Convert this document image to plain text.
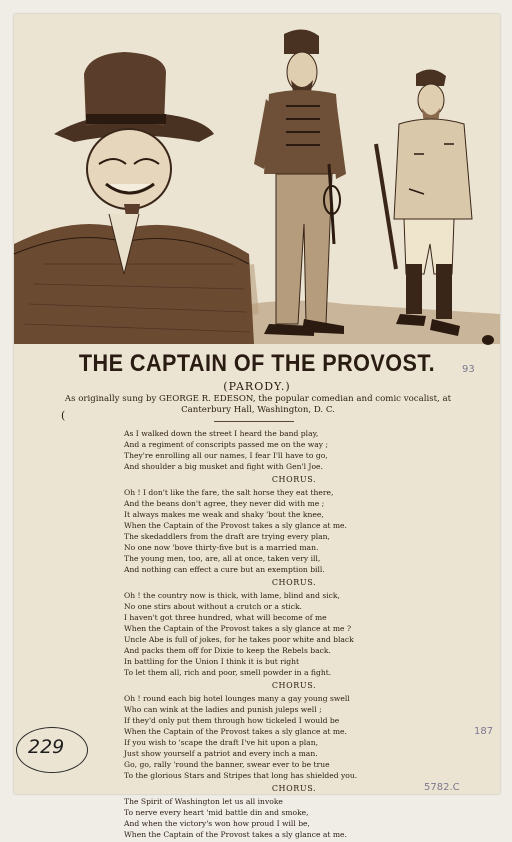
THE CAPTAIN OF THE PROVOST.
(PARODY.)
(
As originally sung by GEORGE R. EDESON, the popular comedian and comic vocalist, at
Canterbury Hall, Washington, D. C.
As I walked down the street I heard the band play,
And a regiment of conscripts passed me on the way ;
They're enrolling all our names, I fear I'll have to go,
And shoulder a big musket and fight with Gen'l Joe.
CHORUS.
Oh ! I don't like the fare, the salt horse they eat there,
And the beans don't agree, they never did with me ;
It always makes me weak and shaky 'bout the knee,
When the Captain of the Provost takes a sly glance at me.
The skedaddlers from the draft are trying every plan,
No one now 'bove thirty-five but is a married man.
The young men, too, are, all at once, taken very ill,
And nothing can effect a cure but an exemption bill.
CHORUS.
Oh ! the country now is thick, with lame, blind and sick,
No one stirs about without a crutch or a stick.
I haven't got three hundred, what will become of me
When the Captain of the Provost takes a sly glance at me ?
Uncle Abe is full of jokes, for he takes poor white and black
And packs them off for Dixie to keep the Rebels back.
In battling for the Union I think it is but right
To let them all, rich and poor, smell powder in a fight.
CHORUS.
Oh ! round each big hotel lounges many a gay young swell
Who can wink at the ladies and punish juleps well ;
If they'd only put them through how tickeled I would be
When the Captain of the Provost takes a sly glance at me.
If you wish to 'scape the draft I've hit upon a plan,
Just show yourself a patriot and every inch a man.
Go, go, rally 'round the banner, swear ever to be true
To the glorious Stars and Stripes that long has shielded you.
CHORUS.
The Spirit of Washington let us all invoke
To nerve every heart 'mid battle din and smoke,
And when the victory's won how proud I will be,
When the Captain of the Provost takes a sly glance at me.
93
187
5782.C
229
